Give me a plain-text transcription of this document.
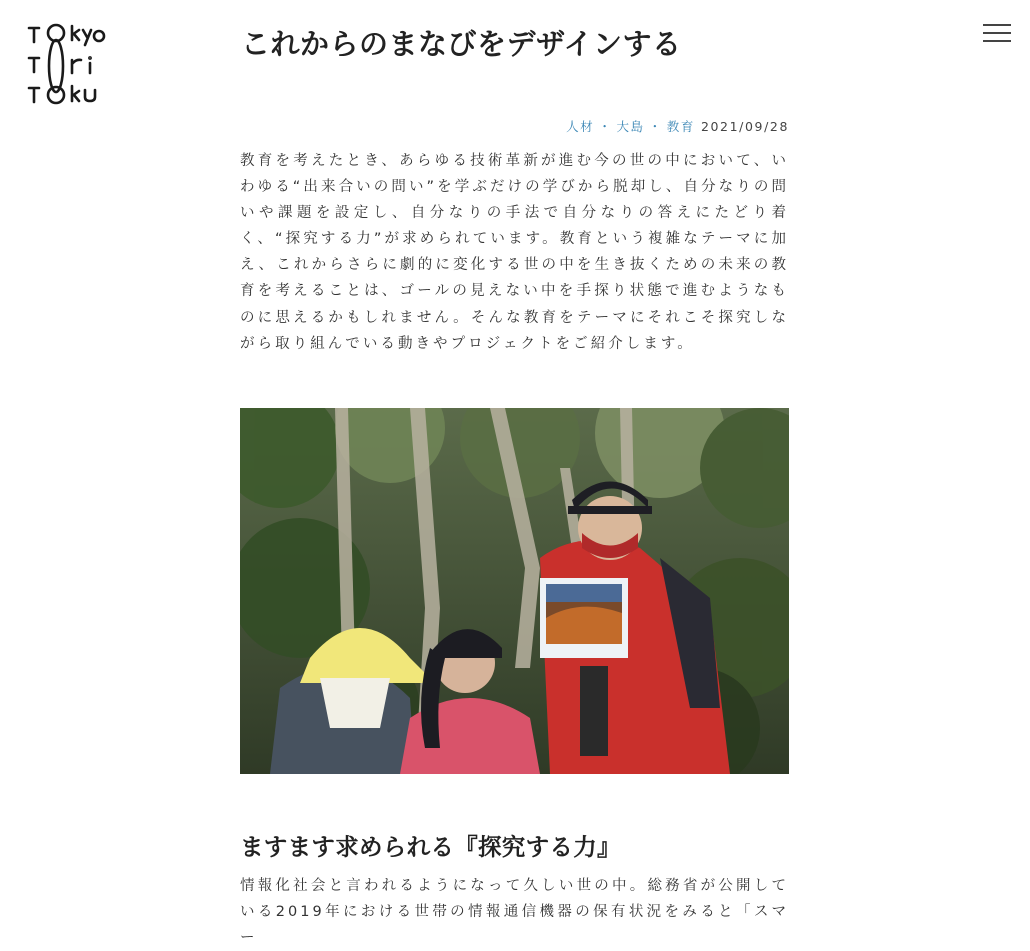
これからのまなびをデザインする
人材 ・ 大島 ・ 教育 2021/09/28

教育を考えたとき、あらゆる技術革新が進む今の世の中において、いわゆる“出来合いの問い”を学ぶだけの学びから脱却し、自分なりの問いや課題を設定し、自分なりの手法で自分なりの答えにたどり着く、“探究する力”が求められています。教育という複雑なテーマに加え、これからさらに劇的に変化する世の中を生き抜くための未来の教育を考えることは、ゴールの見えない中を手探り状態で進むようなものに思えるかもしれません。そんな教育をテーマにそれこそ探究しながら取り組んでいる動きやプロジェクトをご紹介します。

ますます求められる『探究する力』

情報化社会と言われるようになって久しい世の中。総務省が公開している2019年における世帯の情報通信機器の保有状況をみると「スマー
